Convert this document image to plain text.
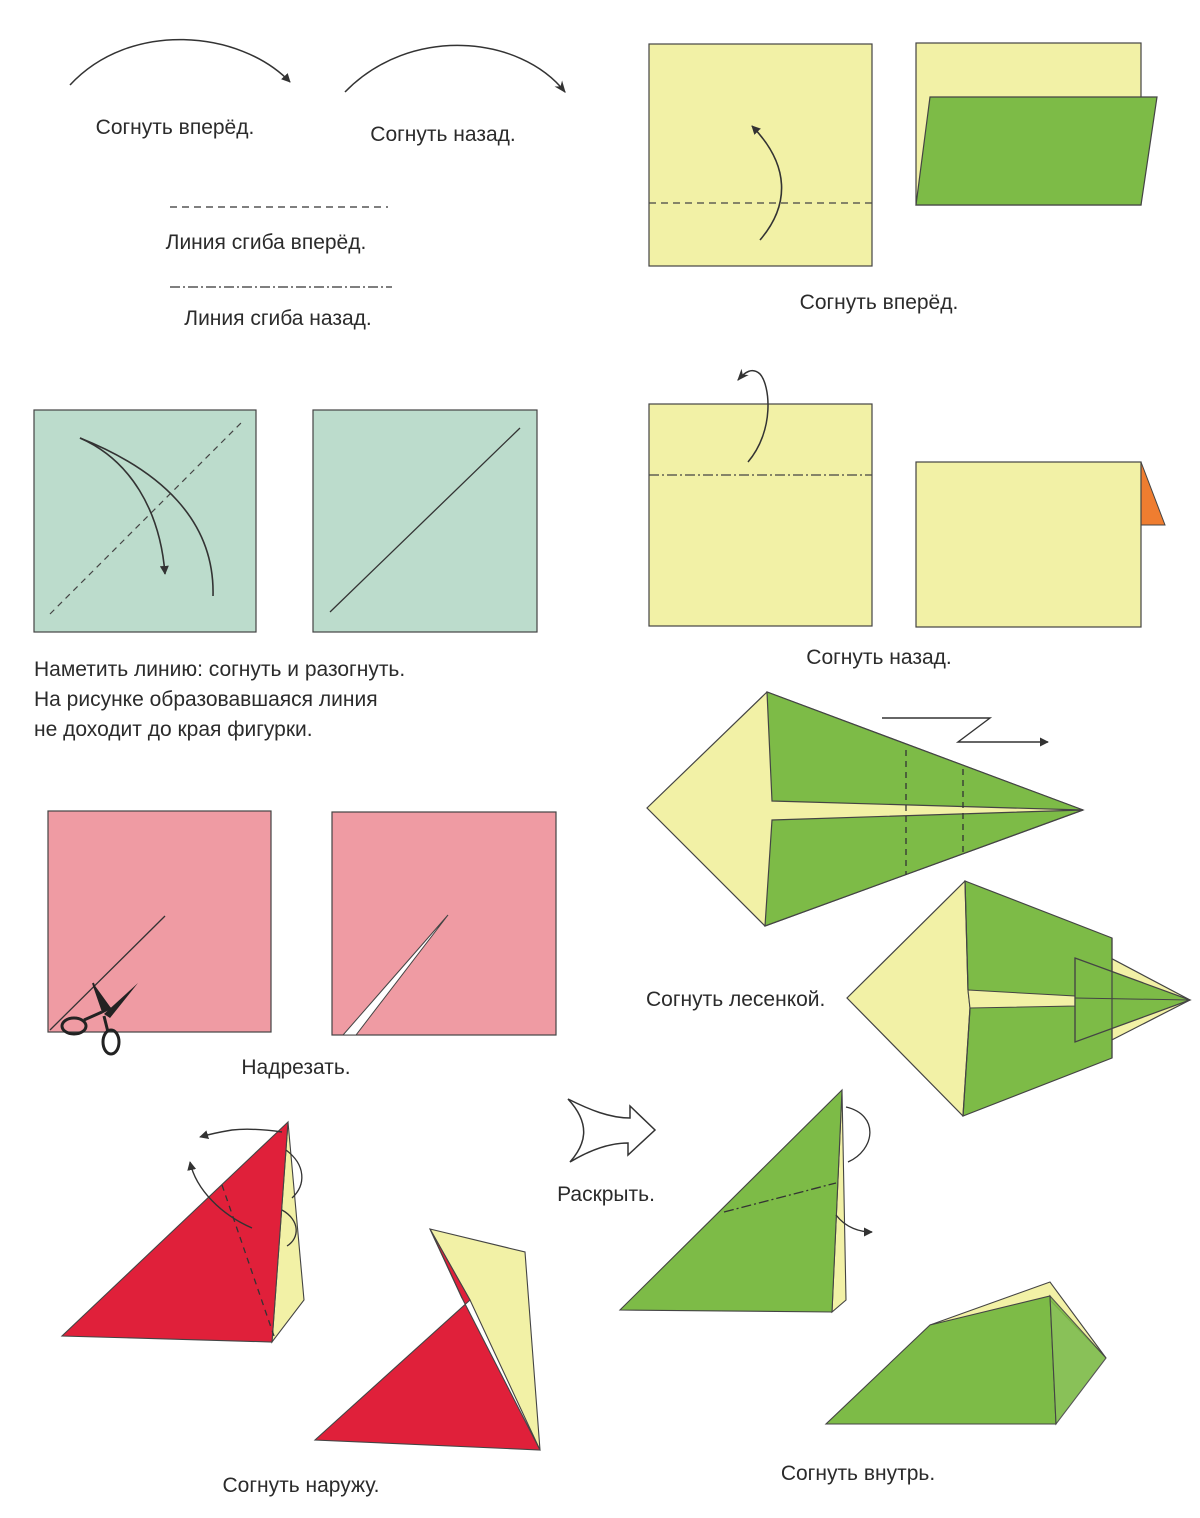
Согнуть вперёд.	Согнуть назад.
Линия сгиба вперёд.
Линия сгиба назад.
Согнуть вперёд.
Согнуть назад.
Наметить линию: согнуть и разогнуть.
На рисунке образовавшаяся линия
не доходит до края фигурки.
Согнуть лесенкой.
Надрезать.
Раскрыть.
Согнуть наружу.
Согнуть внутрь.
